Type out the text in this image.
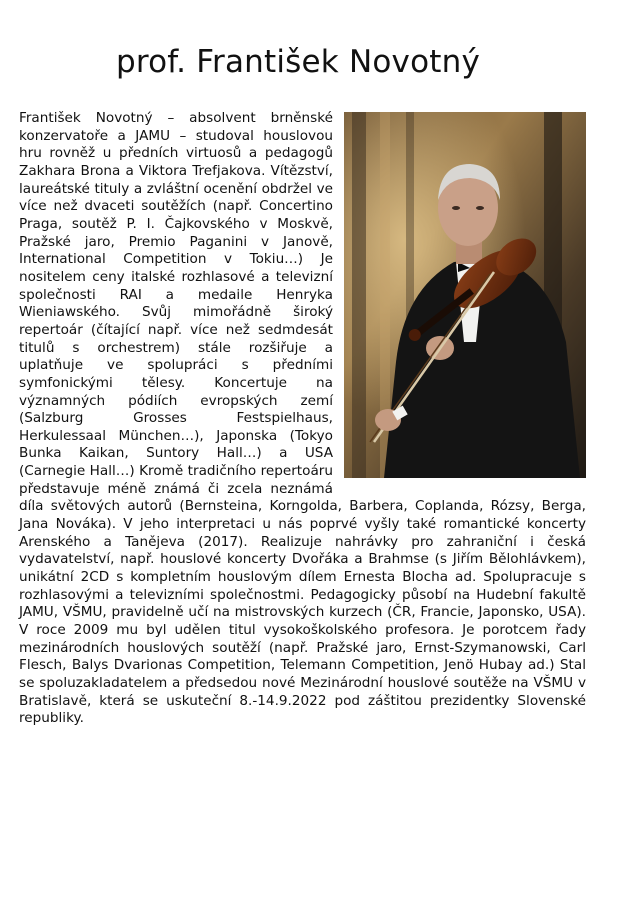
prof. František Novotný
František Novotný – absolvent brněnské konzervatoře a JAMU – studoval houslovou hru rovněž u předních virtuosů a pedagogů Zakhara Brona a Viktora Trefjakova. Vítězství, laureátské tituly a zvláštní ocenění obdržel ve více než dvaceti soutěžích (např. Concertino Praga, soutěž P. I. Čajkovského v Moskvě, Pražské jaro, Premio Paganini v Janově, International Competition v Tokiu…) Je nositelem ceny italské rozhlasové a televizní společnosti RAI a medaile Henryka Wieniawského. Svůj mimořádně široký repertoár (čítající např. více než sedmdesát titulů s orchestrem) stále rozšiřuje a uplatňuje ve spolupráci s předními symfonickými tělesy. Koncertuje na významných pódiích evropských zemí (Salzburg Grosses Festspielhaus, Herkulessaal München…), Japonska (Tokyo Bunka Kaikan, Suntory Hall…) a USA (Carnegie Hall…) Kromě tradičního repertoáru představuje méně známá či zcela neznámá díla světových autorů (Bernsteina, Korngolda, Barbera, Coplanda, Rózsy, Berga, Jana Nováka). V jeho interpretaci u nás poprvé vyšly také romantické koncerty Arenského a Taněјeva (2017). Realizuje nahrávky pro zahraniční i česká vydavatelství, např. houslové koncerty Dvořáka a Brahmse (s Jiřím Bělohlávkem), unikátní 2CD s kompletním houslovým dílem Ernesta Blocha ad. Spolupracuje s rozhlasovými a televizními společnostmi. Pedagogicky působí na Hudební fakultě JAMU, VŠMU, pravidelně učí na mistrovských kurzech (ČR, Francie, Japonsko, USA). V roce 2009 mu byl udělen titul vysokoškolského profesora. Je porotcem řady mezinárodních houslových soutěží (např. Pražské jaro, Ernst-Szymanowski, Carl Flesch, Balys Dvarionas Competition, Telemann Competition, Jenö Hubay ad.) Stal se spoluzakladatelem a předsedou nové Mezinárodní houslové soutěže na VŠMU v Bratislavě, která se uskuteční 8.-14.9.2022 pod záštitou prezidentky Slovenské republiky.
